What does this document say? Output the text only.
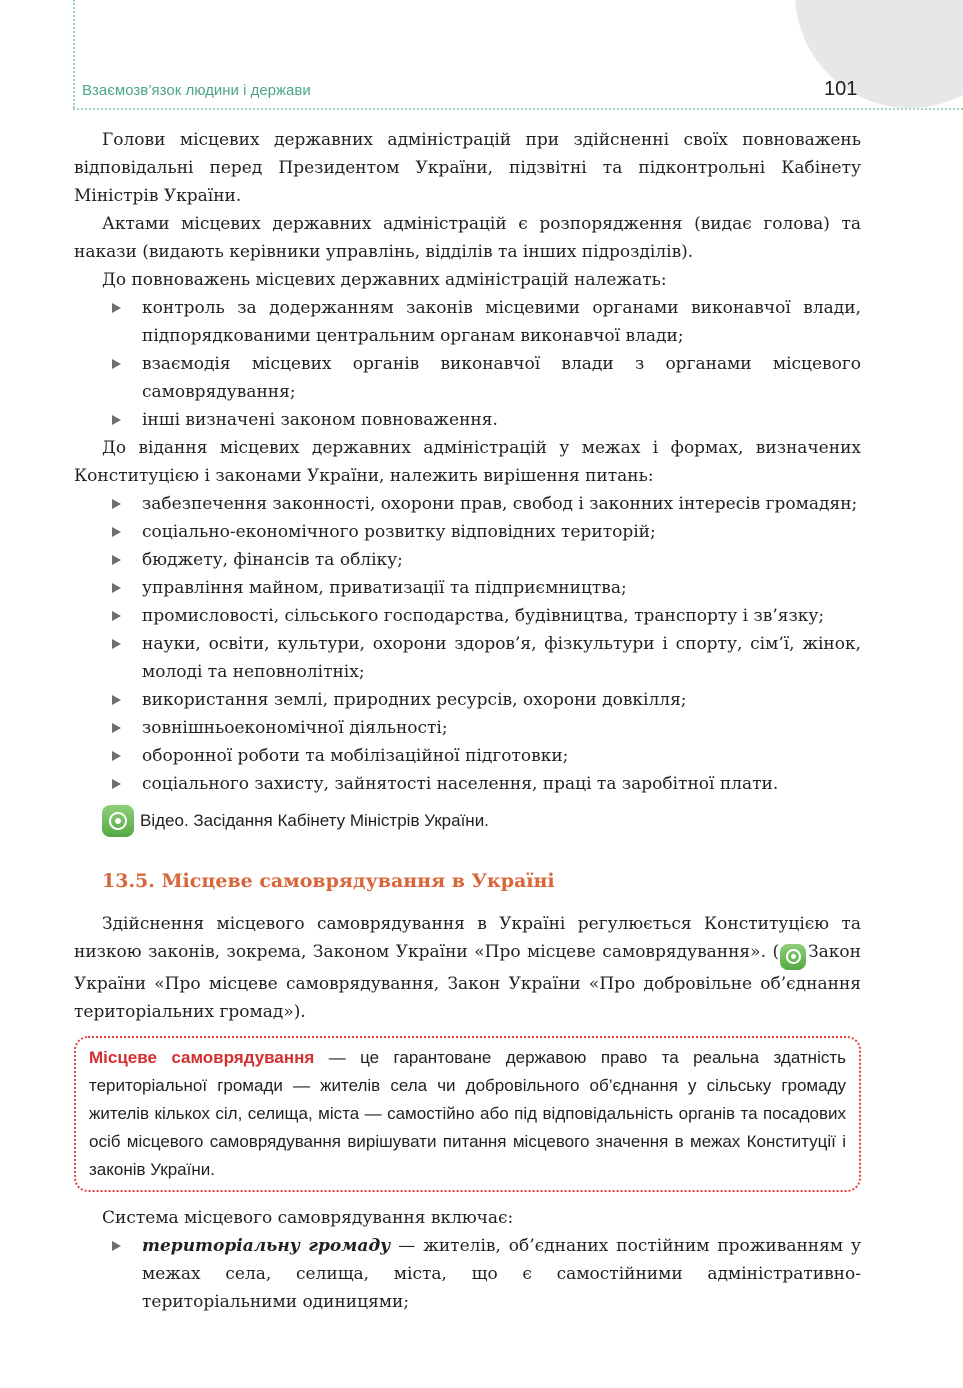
Взаємозв’язок людини і держави	101

Голови місцевих державних адміністрацій при здійсненні своїх повноважень відповідальні перед Президентом України, підзвітні та підконтрольні Кабінету Міністрів України.

Актами місцевих державних адміністрацій є розпорядження (видає голова) та накази (видають керівники управлінь, відділів та інших підрозділів).

До повноважень місцевих державних адміністрацій належать:

контроль за додержанням законів місцевими органами виконавчої влади, підпорядкованими центральним органам виконавчої влади;
взаємодія місцевих органів виконавчої влади з органами місцевого самоврядування;
інші визначені законом повноваження.

До відання місцевих державних адміністрацій у межах і формах, визначених Конституцією і законами України, належить вирішення питань:

забезпечення законності, охорони прав, свобод і законних інтересів громадян;
соціально-економічного розвитку відповідних територій;
бюджету, фінансів та обліку;
управління майном, приватизації та підприємництва;
промисловості, сільського господарства, будівництва, транспорту і зв’язку;
науки, освіти, культури, охорони здоров’я, фізкультури і спорту, сім’ї, жінок, молоді та неповнолітніх;
використання землі, природних ресурсів, охорони довкілля;
зовнішньоекономічної діяльності;
оборонної роботи та мобілізаційної підготовки;
соціального захисту, зайнятості населення, праці та заробітної плати.
Відео. Засідання Кабінету Міністрів України.
13.5. Місцеве самоврядування в Україні

Здійснення місцевого самоврядування в Україні регулюється Конституцією та низкою законів, зокрема, Законом України «Про місцеве самоврядування». ( Закон України «Про місцеве самоврядування, Закон України «Про добровільне об’єднання територіальних громад»).

Місцеве самоврядування — це гарантоване державою право та реальна здатність територіальної громади — жителів села чи добровільного об’єднання у сільську громаду жителів кількох сіл, селища, міста — самостійно або під відповідальність органів та посадових осіб місцевого самоврядування вирішувати питання місцевого значення в межах Конституції і законів України.

Система місцевого самоврядування включає:

територіальну громаду — жителів, об’єднаних постійним проживанням у межах села, селища, міста, що є самостійними адміністративно-територіальними одиницями;
